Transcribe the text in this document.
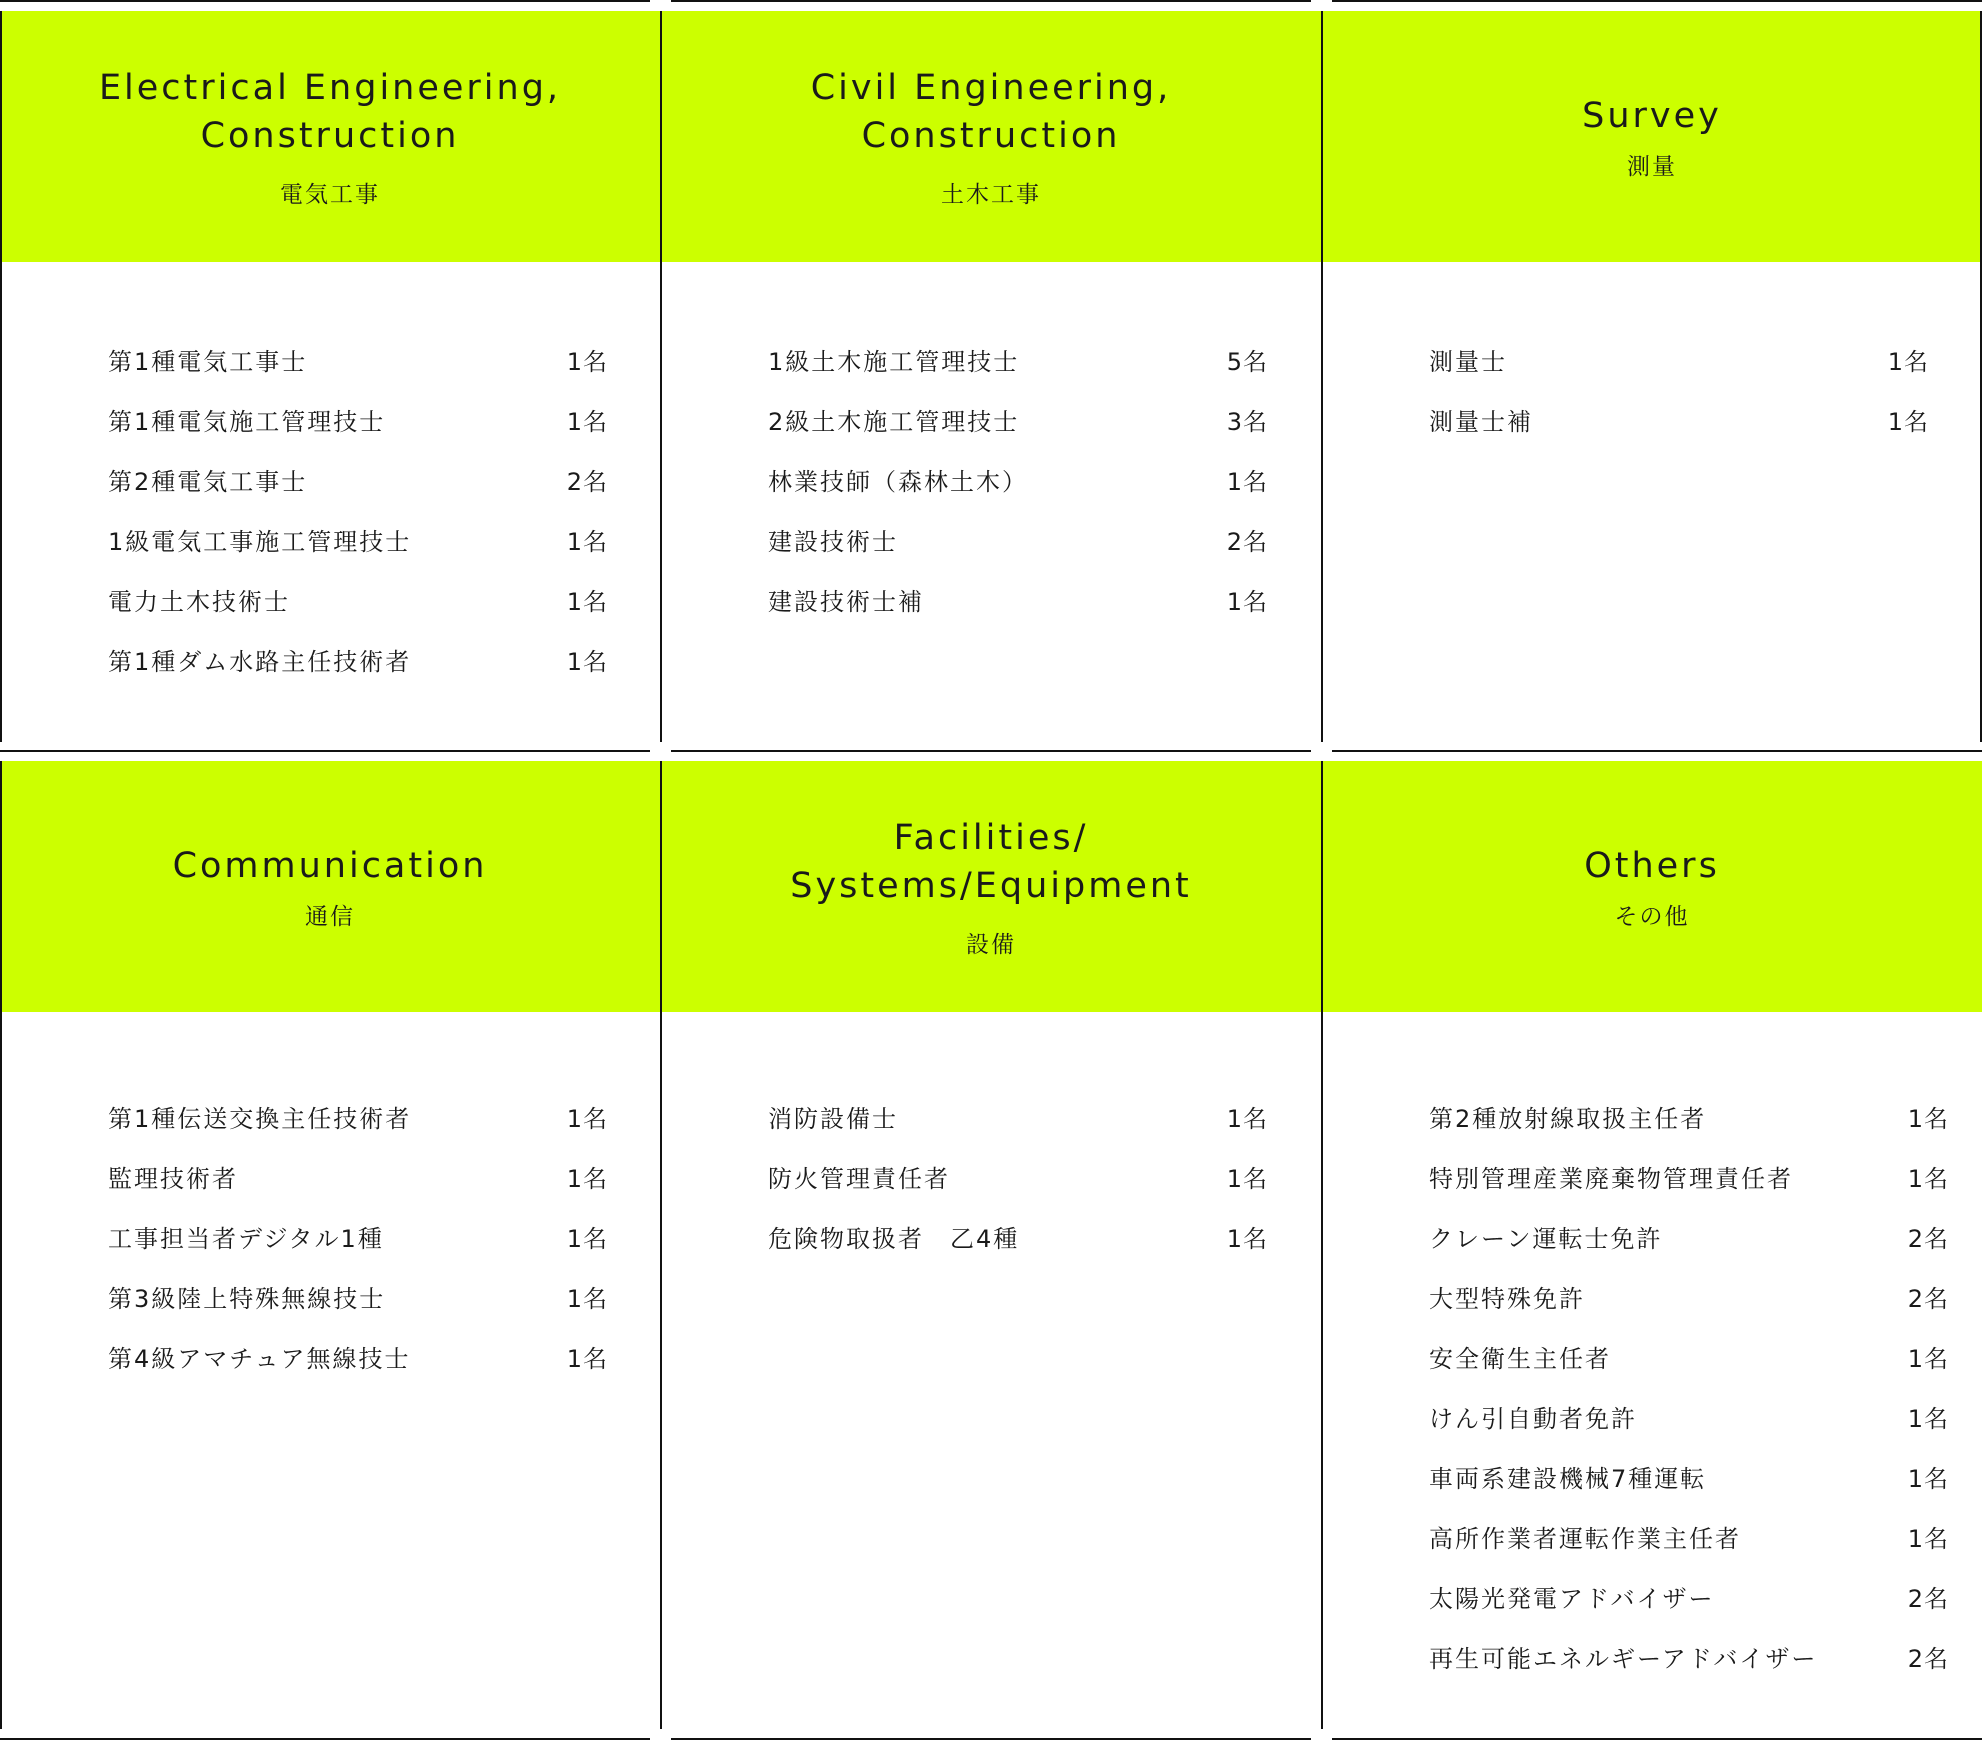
Electrical Engineering,
Construction
電気工事
第1種電気工事士	1名
第1種電気施工管理技士	1名
第2種電気工事士	2名
1級電気工事施工管理技士	1名
電力土木技術士	1名
第1種ダム水路主任技術者	1名
Civil Engineering,
Construction
土木工事
1級土木施工管理技士	5名
2級土木施工管理技士	3名
林業技師（森林土木）	1名
建設技術士	2名
建設技術士補	1名
Survey
測量
測量士	1名
測量士補	1名
Communication
通信
第1種伝送交換主任技術者	1名
監理技術者	1名
工事担当者デジタル1種	1名
第3級陸上特殊無線技士	1名
第4級アマチュア無線技士	1名
Facilities/
Systems/Equipment
設備
消防設備士	1名
防火管理責任者	1名
危険物取扱者　乙4種	1名
Others
その他
第2種放射線取扱主任者	1名
特別管理産業廃棄物管理責任者	1名
クレーン運転士免許	2名
大型特殊免許	2名
安全衛生主任者	1名
けん引自動者免許	1名
車両系建設機械7種運転	1名
高所作業者運転作業主任者	1名
太陽光発電アドバイザー	2名
再生可能エネルギーアドバイザー	2名
